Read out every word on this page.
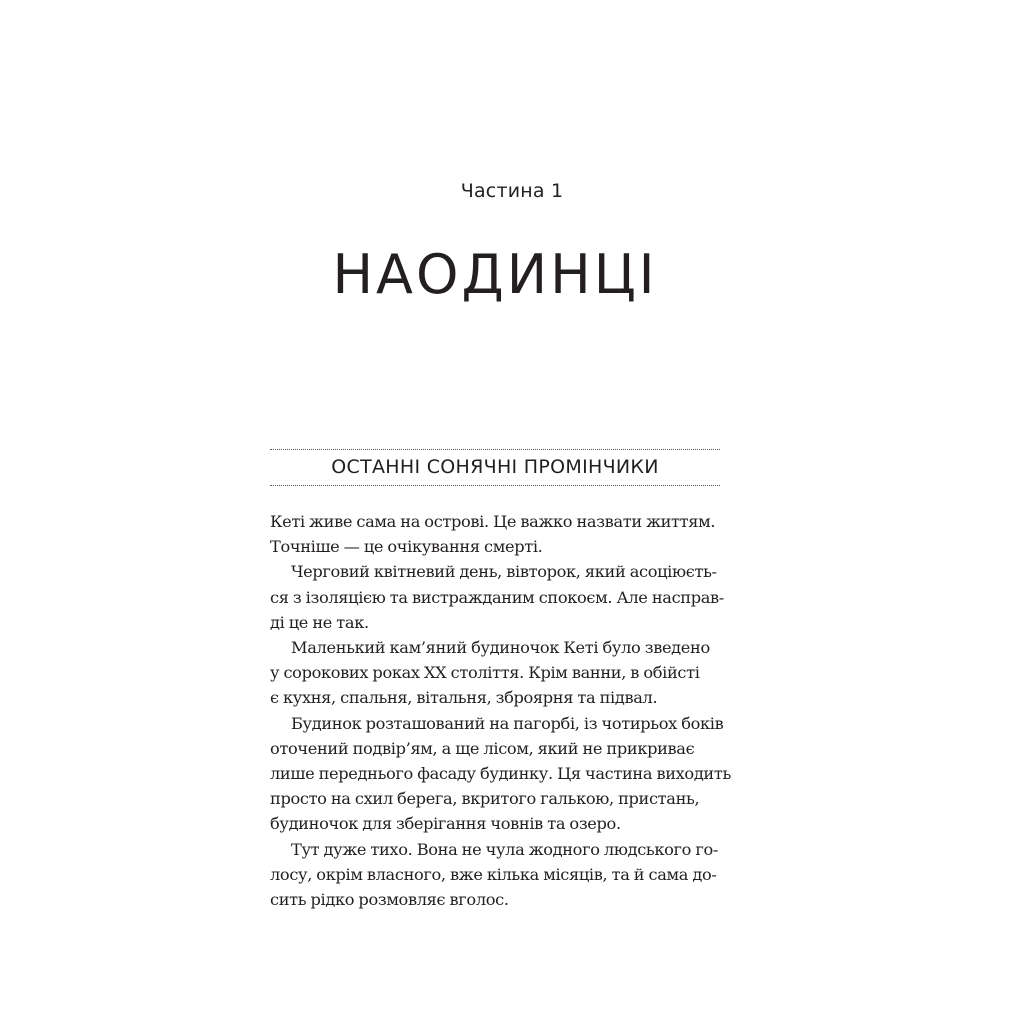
Частина 1
НАОДИНЦІ
ОСТАННІ СОНЯЧНІ ПРОМІНЧИКИ

Кеті живе сама на острові. Це важко назвати життям.
Точніше — це очікування смерті.

Черговий квітневий день, вівторок, який асоціюєть-
ся з ізоляцією та вистражданим спокоєм. Але насправ-
ді це не так.

Маленький кам’яний будиночок Кеті було зведено
у сорокових роках ХХ століття. Крім ванни, в обійсті
є кухня, спальня, вітальня, зброярня та підвал.

Будинок розташований на пагорбі, із чотирьох боків
оточений подвір’ям, а ще лісом, який не прикриває
лише переднього фасаду будинку. Ця частина виходить
просто на схил берега, вкритого галькою, пристань,
будиночок для зберігання човнів та озеро.

Тут дуже тихо. Вона не чула жодного людського го-
лосу, окрім власного, вже кілька місяців, та й сама до-
сить рідко розмовляє вголос.
